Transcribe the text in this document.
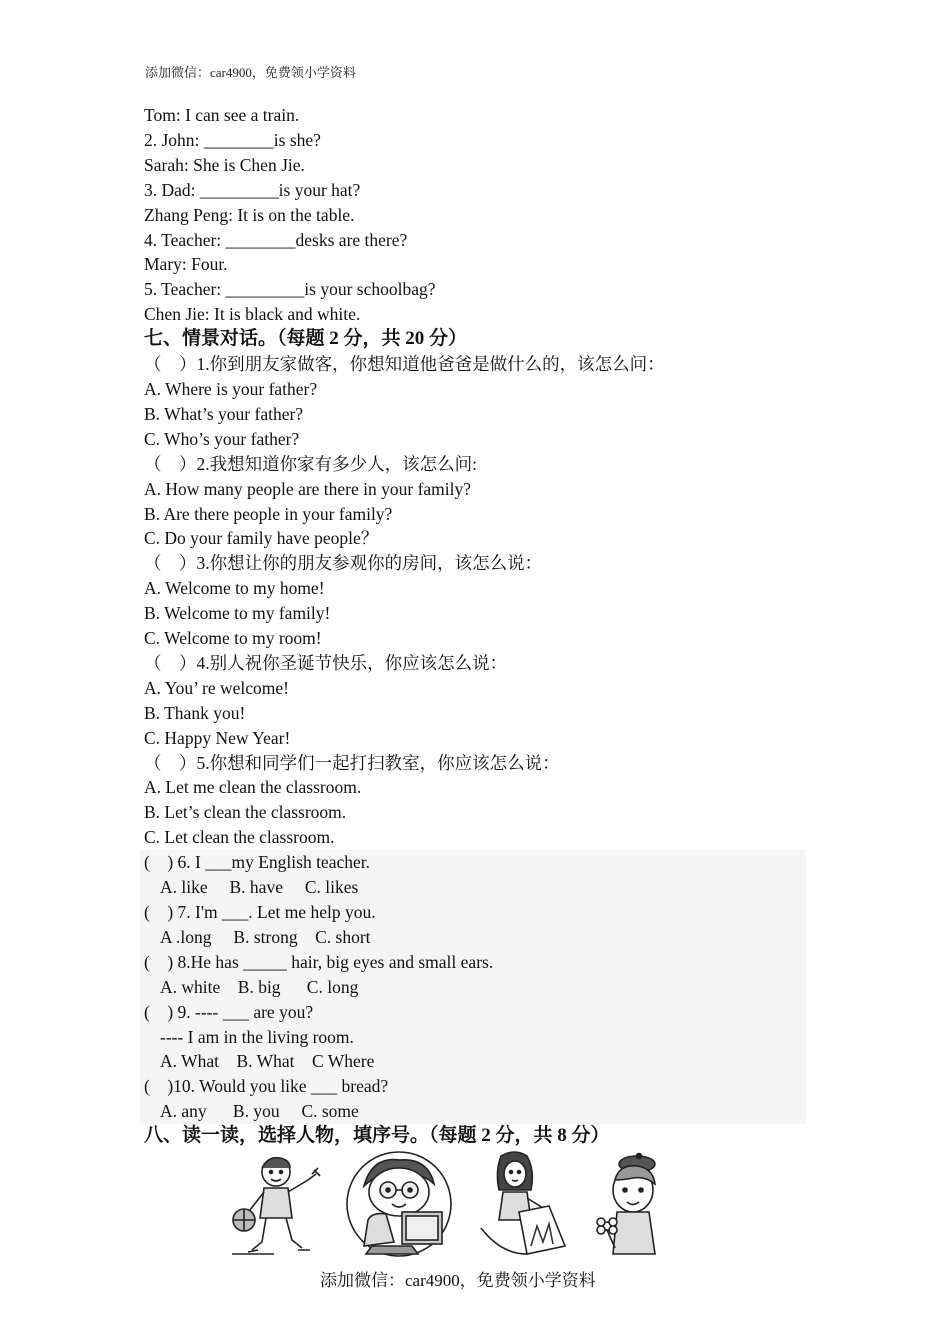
添加微信：car4900，免费领小学资料
Tom: I can see a train.
2. John: ________is she?
Sarah: She is Chen Jie.
3. Dad: _________is your hat?
Zhang Peng: It is on the table.
4. Teacher: ________desks are there?
Mary: Four.
5. Teacher: _________is your schoolbag?
Chen Jie: It is black and white.
七、情景对话。（每题 2 分，共 20 分）
（    ）1.你到朋友家做客，你想知道他爸爸是做什么的，该怎么问：
A. Where is your father?
B. What’s your father?
C. Who’s your father?
（    ）2.我想知道你家有多少人，该怎么问:
A. How many people are there in your family?
B. Are there people in your family?
C. Do your family have people？
（    ）3.你想让你的朋友参观你的房间，该怎么说：
A. Welcome to my home!
B. Welcome to my family!
C. Welcome to my room!
（    ）4.别人祝你圣诞节快乐，你应该怎么说：
A. You’ re welcome!
B. Thank you!
C. Happy New Year!
（    ）5.你想和同学们一起打扫教室，你应该怎么说：
A. Let me clean the classroom.
B. Let’s clean the classroom.
C. Let clean the classroom.
(    ) 6. I ___my English teacher.
A. like     B. have     C. likes
(    ) 7. I'm ___. Let me help you.
A .long     B. strong    C. short
(    ) 8.He has _____ hair, big eyes and small ears.
A. white    B. big      C. long
(    ) 9. ---- ___ are you?
---- I am in the living room.
A. What    B. What    C Where
(    )10. Would you like ___ bread?
A. any      B. you     C. some
八、读一读，选择人物，填序号。（每题 2 分，共 8 分）
添加微信：car4900，免费领小学资料
